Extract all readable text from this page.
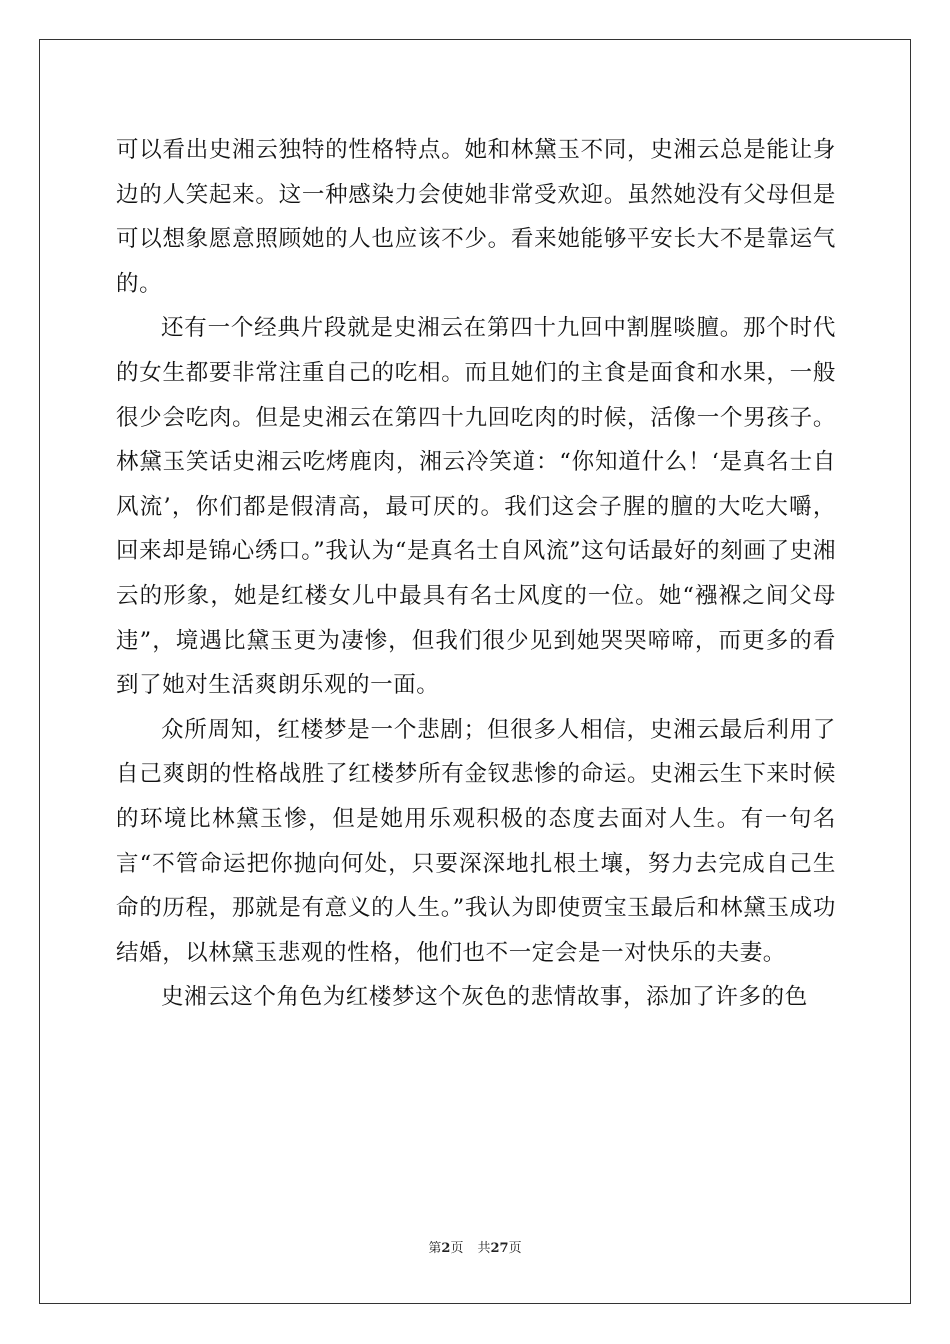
可以看出史湘云独特的性格特点。她和林黛玉不同，史湘云总是能让身边的人笑起来。这一种感染力会使她非常受欢迎。虽然她没有父母但是可以想象愿意照顾她的人也应该不少。看来她能够平安长大不是靠运气的。

还有一个经典片段就是史湘云在第四十九回中割腥啖膻。那个时代的女生都要非常注重自己的吃相。而且她们的主食是面食和水果，一般很少会吃肉。但是史湘云在第四十九回吃肉的时候，活像一个男孩子。林黛玉笑话史湘云吃烤鹿肉，湘云冷笑道：“你知道什么！‘是真名士自风流’，你们都是假清高，最可厌的。我们这会子腥的膻的大吃大嚼，回来却是锦心绣口。”我认为“是真名士自风流”这句话最好的刻画了史湘云的形象，她是红楼女儿中最具有名士风度的一位。她“襁褓之间父母违”，境遇比黛玉更为凄惨，但我们很少见到她哭哭啼啼，而更多的看到了她对生活爽朗乐观的一面。

众所周知，红楼梦是一个悲剧；但很多人相信，史湘云最后利用了自己爽朗的性格战胜了红楼梦所有金钗悲惨的命运。史湘云生下来时候的环境比林黛玉惨，但是她用乐观积极的态度去面对人生。有一句名言“不管命运把你抛向何处，只要深深地扎根土壤，努力去完成自己生命的历程，那就是有意义的人生。”我认为即使贾宝玉最后和林黛玉成功结婚，以林黛玉悲观的性格，他们也不一定会是一对快乐的夫妻。

史湘云这个角色为红楼梦这个灰色的悲情故事，添加了许多的色

第2页 共27页
